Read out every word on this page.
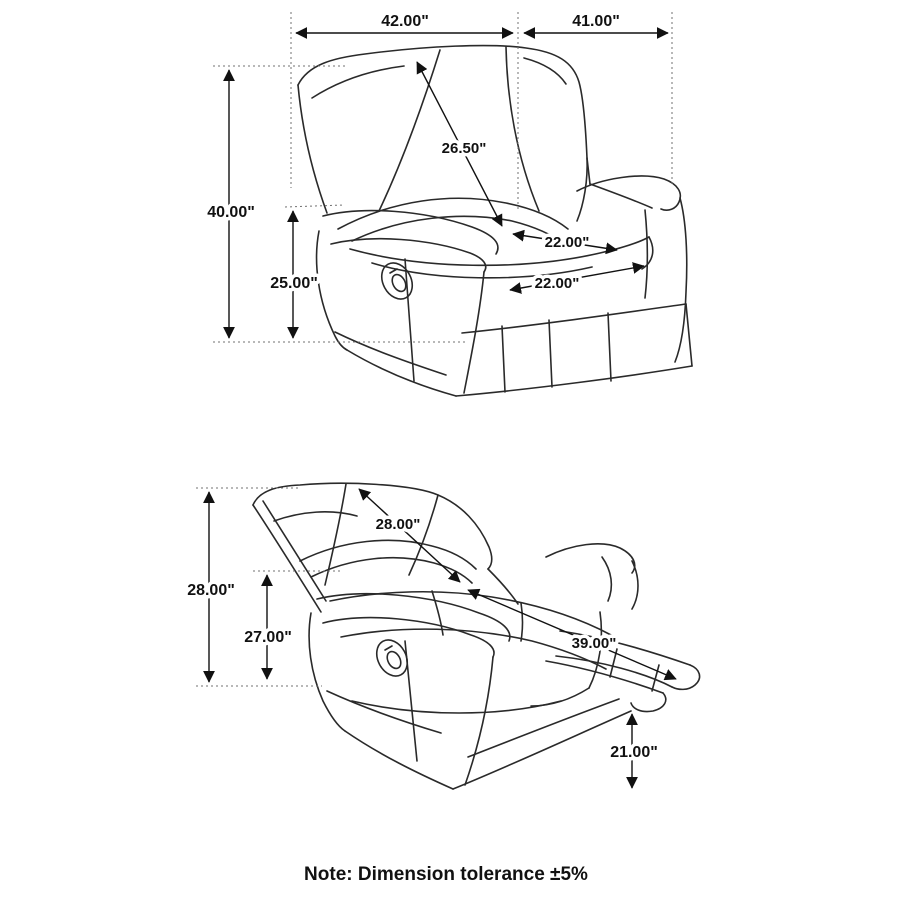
42.00"	41.00"
40.00"
25.00"
26.50"
22.00"
22.00"
28.00"
27.00"
28.00"
39.00"
21.00"
Note: Dimension tolerance ±5%
